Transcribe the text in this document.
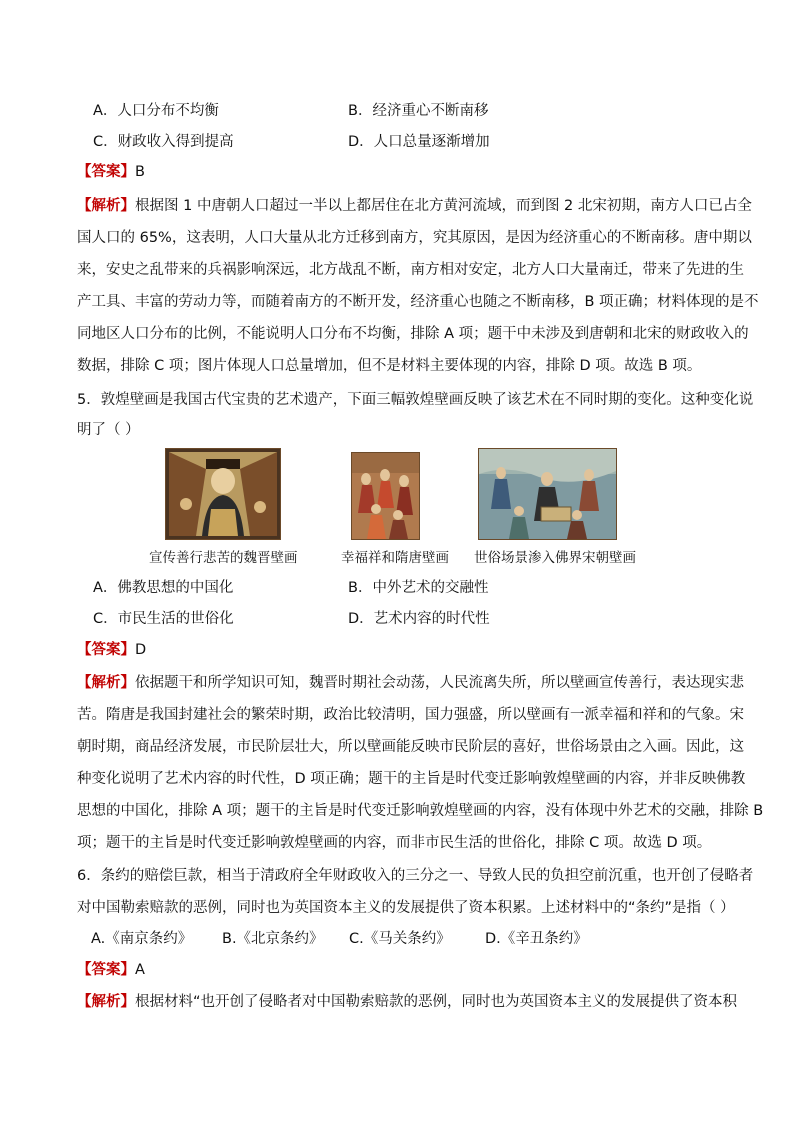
A．人口分布不均衡	B．经济重心不断南移
C．财政收入得到提高	D．人口总量逐渐增加
【答案】B
【解析】根据图 1 中唐朝人口超过一半以上都居住在北方黄河流域，而到图 2 北宋初期，南方人口已占全
国人口的 65%，这表明，人口大量从北方迁移到南方，究其原因，是因为经济重心的不断南移。唐中期以
来，安史之乱带来的兵祸影响深远，北方战乱不断，南方相对安定，北方人口大量南迁，带来了先进的生
产工具、丰富的劳动力等，而随着南方的不断开发，经济重心也随之不断南移，B 项正确；材料体现的是不
同地区人口分布的比例，不能说明人口分布不均衡，排除 A 项；题干中未涉及到唐朝和北宋的财政收入的
数据，排除 C 项；图片体现人口总量增加，但不是材料主要体现的内容，排除 D 项。故选 B 项。
5．敦煌壁画是我国古代宝贵的艺术遗产，下面三幅敦煌壁画反映了该艺术在不同时期的变化。这种变化说
明了（ ）
宣传善行悲苦的魏晋壁画	幸福祥和隋唐壁画 世俗场景渗入佛界宋朝壁画
A．佛教思想的中国化	B．中外艺术的交融性
C．市民生活的世俗化	D．艺术内容的时代性
【答案】D
【解析】依据题干和所学知识可知，魏晋时期社会动荡，人民流离失所，所以壁画宣传善行，表达现实悲
苦。隋唐是我国封建社会的繁荣时期，政治比较清明，国力强盛，所以壁画有一派幸福和祥和的气象。宋
朝时期，商品经济发展，市民阶层壮大，所以壁画能反映市民阶层的喜好，世俗场景由之入画。因此，这
种变化说明了艺术内容的时代性，D 项正确；题干的主旨是时代变迁影响敦煌壁画的内容，并非反映佛教
思想的中国化，排除 A 项；题干的主旨是时代变迁影响敦煌壁画的内容，没有体现中外艺术的交融，排除 B
项；题干的主旨是时代变迁影响敦煌壁画的内容，而非市民生活的世俗化，排除 C 项。故选 D 项。
6．条约的赔偿巨款，相当于清政府全年财政收入的三分之一、导致人民的负担空前沉重，也开创了侵略者
对中国勒索赔款的恶例，同时也为英国资本主义的发展提供了资本积累。上述材料中的“条约”是指（ ）
A.《南京条约》 B.《北京条约》 C.《马关条约》 D.《辛丑条约》
【答案】A
【解析】根据材料“也开创了侵略者对中国勒索赔款的恶例，同时也为英国资本主义的发展提供了资本积
